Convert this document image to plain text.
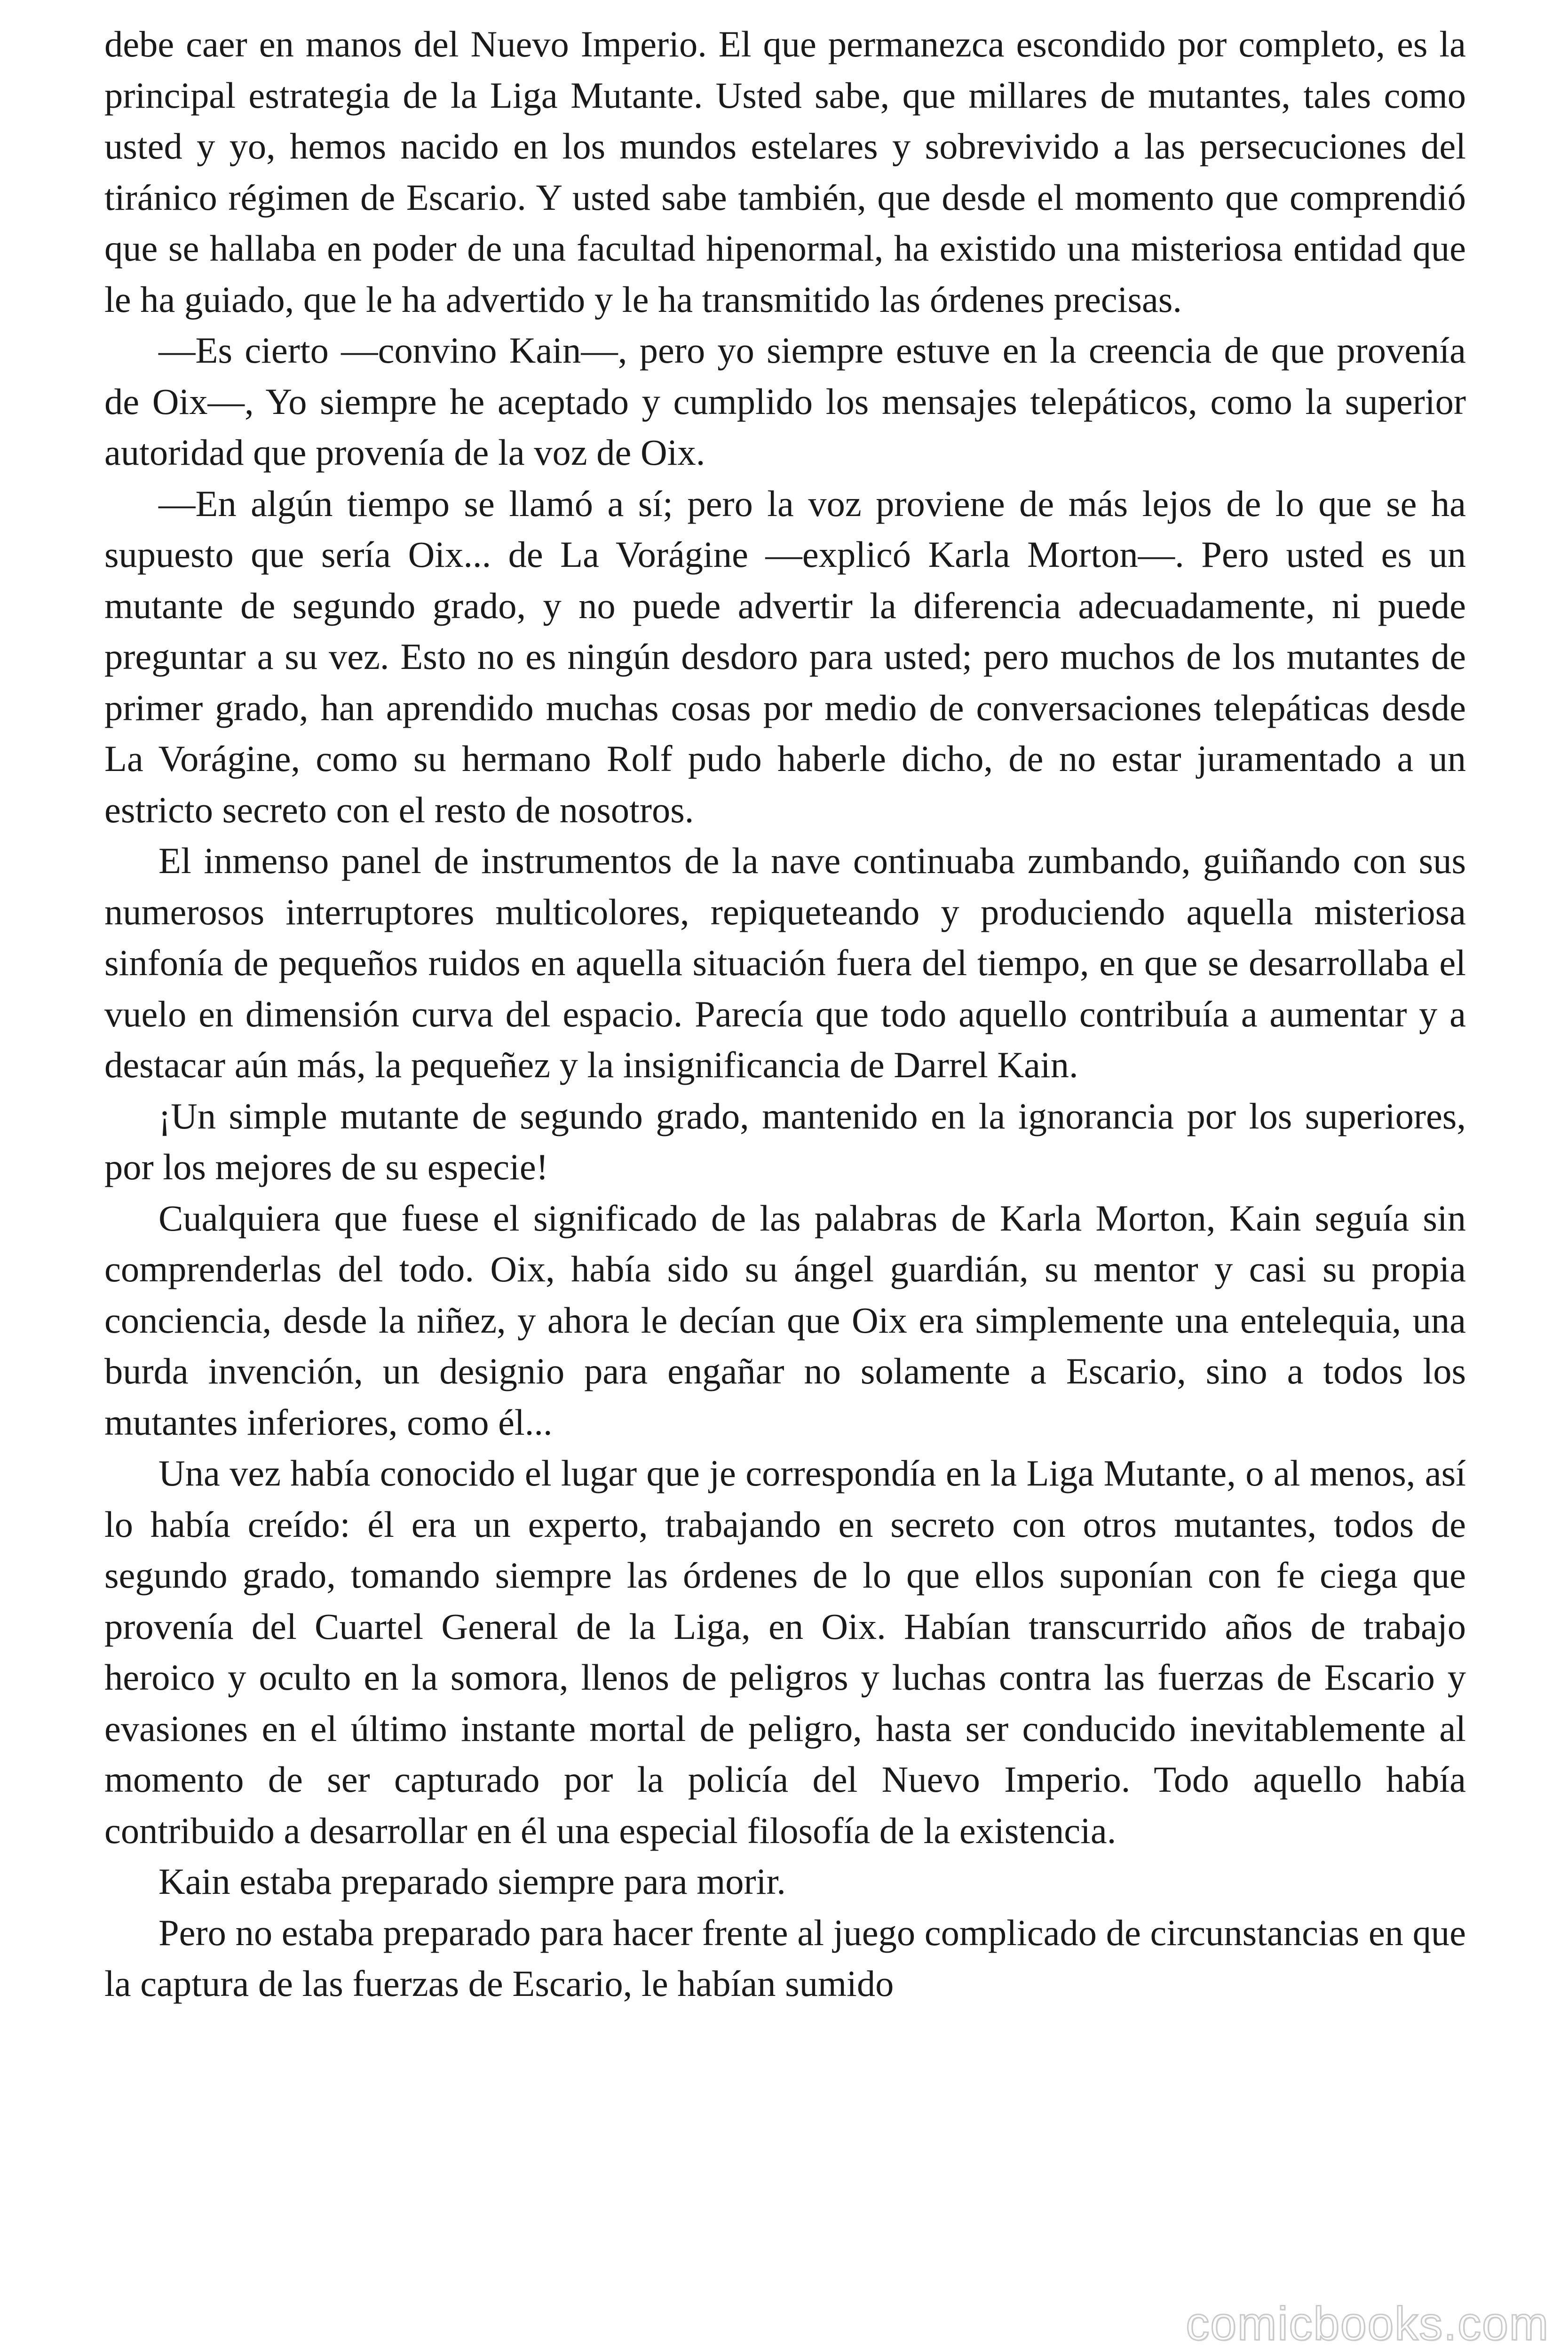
debe caer en manos del Nuevo Imperio. El que permanezca escondido por completo, es la principal estrategia de la Liga Mutante. Usted sabe, que millares de mutantes, tales como usted y yo, hemos nacido en los mundos estelares y sobrevivido a las persecuciones del tiránico régimen de Escario. Y usted sabe también, que desde el momento que comprendió que se hallaba en poder de una facultad hipenormal, ha existido una misteriosa entidad que le ha guiado, que le ha advertido y le ha transmitido las órdenes precisas.

—Es cierto —convino Kain—, pero yo siempre estuve en la creencia de que provenía de Oix—, Yo siempre he aceptado y cumplido los mensajes telepáticos, como la superior autoridad que provenía de la voz de Oix.

—En algún tiempo se llamó a sí; pero la voz proviene de más lejos de lo que se ha supuesto que sería Oix... de La Vorágine —explicó Karla Morton—. Pero usted es un mutante de segundo grado, y no puede advertir la diferencia adecuadamente, ni puede preguntar a su vez. Esto no es ningún desdoro para usted; pero muchos de los mutantes de primer grado, han aprendido muchas cosas por medio de conversaciones telepáticas desde La Vorágine, como su hermano Rolf pudo haberle dicho, de no estar juramentado a un estricto secreto con el resto de nosotros.

El inmenso panel de instrumentos de la nave continuaba zumbando, guiñando con sus numerosos interruptores multicolores, repiqueteando y produciendo aquella misteriosa sinfonía de pequeños ruidos en aquella situación fuera del tiempo, en que se desarrollaba el vuelo en dimensión curva del espacio. Parecía que todo aquello contribuía a aumentar y a destacar aún más, la pequeñez y la insignificancia de Darrel Kain.

¡Un simple mutante de segundo grado, mantenido en la ignorancia por los superiores, por los mejores de su especie!

Cualquiera que fuese el significado de las palabras de Karla Morton, Kain seguía sin comprenderlas del todo. Oix, había sido su ángel guardián, su mentor y casi su propia conciencia, desde la niñez, y ahora le decían que Oix era simplemente una entelequia, una burda invención, un designio para engañar no solamente a Escario, sino a todos los mutantes inferiores, como él...

Una vez había conocido el lugar que je correspondía en la Liga Mutante, o al menos, así lo había creído: él era un experto, trabajando en secreto con otros mutantes, todos de segundo grado, tomando siempre las órdenes de lo que ellos suponían con fe ciega que provenía del Cuartel General de la Liga, en Oix. Habían transcurrido años de trabajo heroico y oculto en la somora, llenos de peligros y luchas contra las fuerzas de Escario y evasiones en el último instante mortal de peligro, hasta ser conducido inevitablemente al momento de ser capturado por la policía del Nuevo Imperio. Todo aquello había contribuido a desarrollar en él una especial filosofía de la existencia.

Kain estaba preparado siempre para morir.

Pero no estaba preparado para hacer frente al juego complicado de circunstancias en que la captura de las fuerzas de Escario, le habían sumido

comicbooks.com
